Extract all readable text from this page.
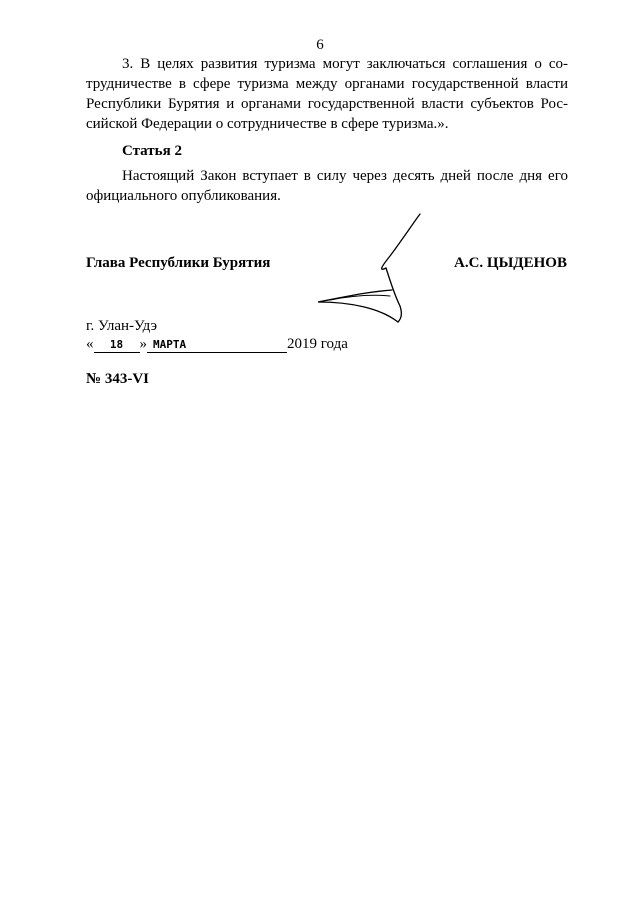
6
3. В целях развития туризма могут заключаться соглашения о сотрудничестве в сфере туризма между органами государственной власти Республики Бурятия и органами государственной власти субъектов Российской Федерации о сотрудничестве в сфере туризма.».
Статья 2
Настоящий Закон вступает в силу через десять дней после дня его официального опубликования.
Глава Республики Бурятия	А.С. ЦЫДЕНОВ
г. Улан-Удэ
« 18 » МАРТА	2019 года
№ 343-VI
